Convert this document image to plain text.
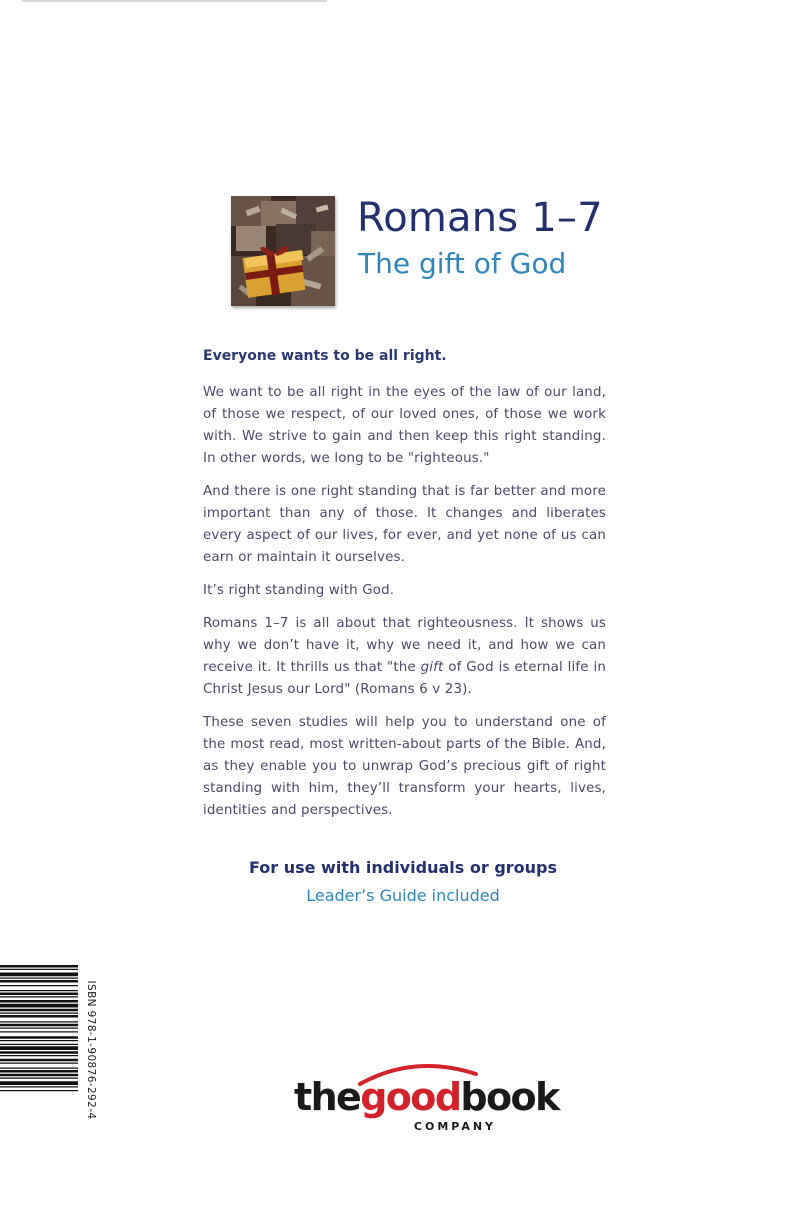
Romans 1–7
The gift of God

Everyone wants to be all right.

We want to be all right in the eyes of the law of our land, of those we respect, of our loved ones, of those we work with. We strive to gain and then keep this right standing. In other words, we long to be "righteous."

And there is one right standing that is far better and more important than any of those. It changes and liberates every aspect of our lives, for ever, and yet none of us can earn or maintain it ourselves.

It’s right standing with God.

Romans 1–7 is all about that righteousness. It shows us why we don’t have it, why we need it, and how we can receive it. It thrills us that "the gift of God is eternal life in Christ Jesus our Lord" (Romans 6 v 23).

These seven studies will help you to understand one of the most read, most written-about parts of the Bible. And, as they enable you to unwrap God’s precious gift of right standing with him, they’ll transform your hearts, lives, identities and perspectives.

For use with individuals or groups
Leader’s Guide included
ISBN 978-1-90876-292-4	thegoodbook
COMPANY
